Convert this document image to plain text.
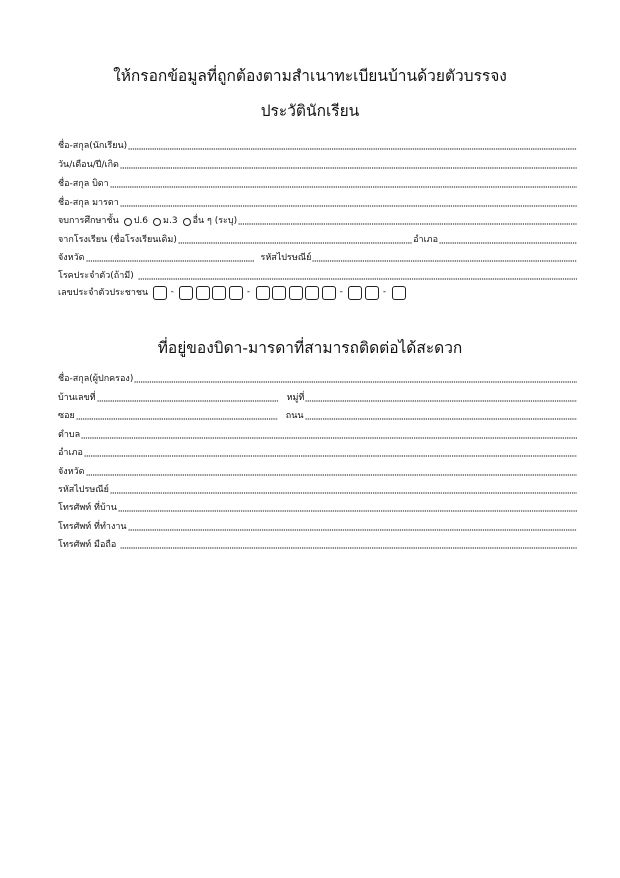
ให้กรอกข้อมูลที่ถูกต้องตามสำเนาทะเบียนบ้านด้วยตัวบรรจง
ประวัตินักเรียน
ชื่อ-สกุล(นักเรียน)
วัน/เดือน/ปี/เกิด
ชื่อ-สกุล บิดา
ชื่อ-สกุล มารดา
จบการศึกษาชั้น ป.6 ม.3 อื่น ๆ (ระบุ)
จากโรงเรียน (ชื่อโรงเรียนเดิม)	อำเภอ
จังหวัด	รหัสไปรษณีย์
โรคประจำตัว(ถ้ามี)
เลขประจำตัวประชาชน	-	-	-	-
ที่อยู่ของบิดา-มารดาที่สามารถติดต่อได้สะดวก
ชื่อ-สกุล(ผู้ปกครอง)
บ้านเลขที่	หมู่ที่
ซอย	ถนน
ตำบล
อำเภอ
จังหวัด
รหัสไปรษณีย์
โทรศัพท์ ที่บ้าน
โทรศัพท์ ที่ทำงาน
โทรศัพท์ มือถือ
